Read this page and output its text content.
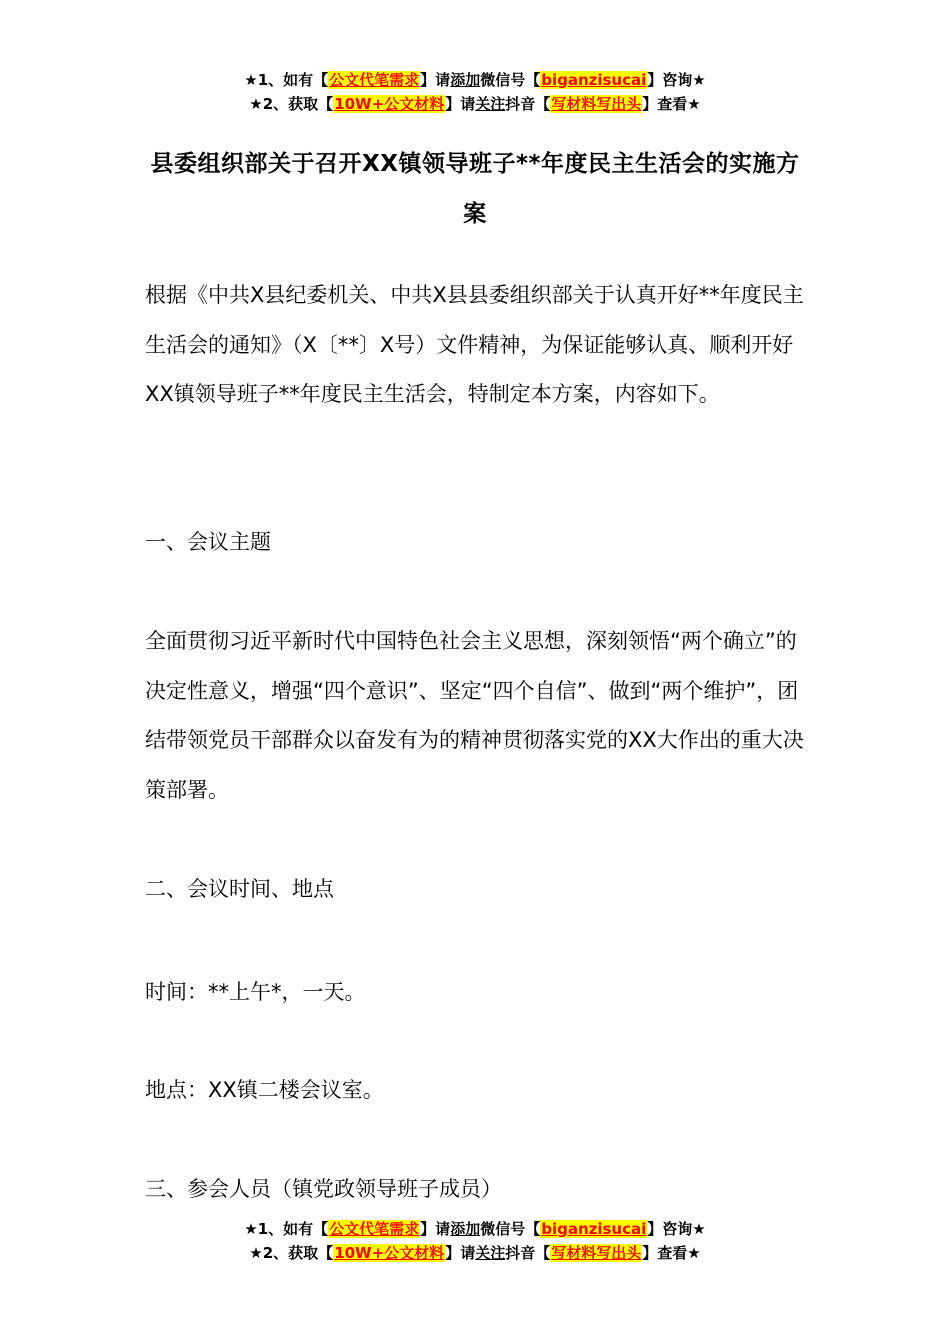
★1、如有【公文代笔需求】请添加微信号【biganzisucai】咨询★
★2、获取【10W+公文材料】请关注抖音【写材料写出头】查看★
县委组织部关于召开XX镇领导班子**年度民主生活会的实施方案

根据《中共X县纪委机关、中共X县县委组织部关于认真开好**年度民主生活会的通知》（X〔**〕X号）文件精神，为保证能够认真、顺利开好XX镇领导班子**年度民主生活会，特制定本方案，内容如下。

一、会议主题

全面贯彻习近平新时代中国特色社会主义思想，深刻领悟“两个确立”的决定性意义，增强“四个意识”、坚定“四个自信”、做到“两个维护”，团结带领党员干部群众以奋发有为的精神贯彻落实党的XX大作出的重大决策部署。

二、会议时间、地点

时间：**上午*，一天。

地点：XX镇二楼会议室。

三、参会人员（镇党政领导班子成员）

★1、如有【公文代笔需求】请添加微信号【biganzisucai】咨询★
★2、获取【10W+公文材料】请关注抖音【写材料写出头】查看★
